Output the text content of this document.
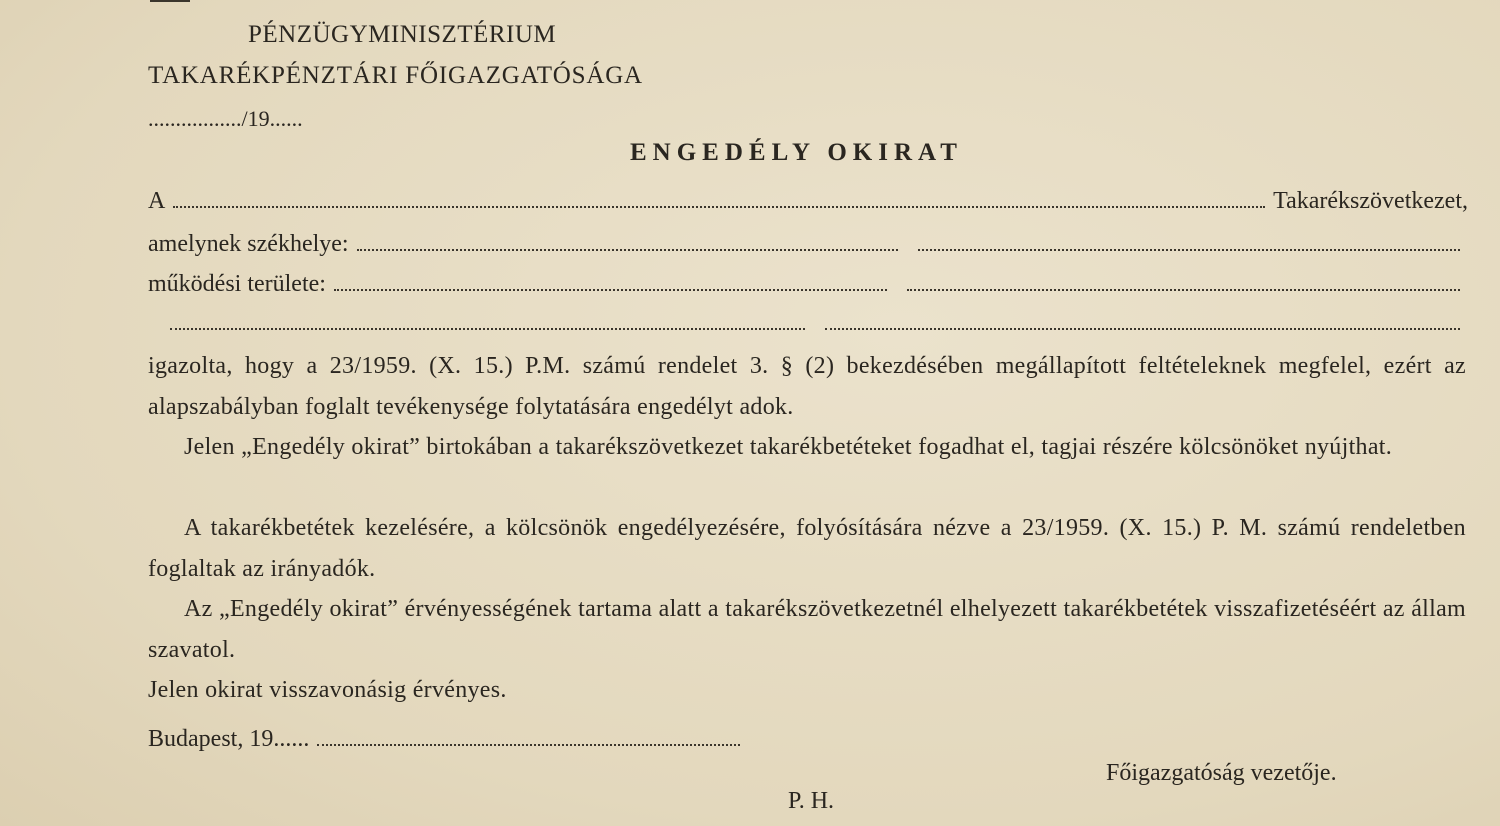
PÉNZÜGYMINISZTÉRIUM
TAKARÉKPÉNZTÁRI FŐIGAZGATÓSÁGA
................./19......
ENGEDÉLY OKIRAT
A	Takarékszövetkezet,
amelynek székhelye:
működési területe:
igazolta, hogy a 23/1959. (X. 15.) P.M. számú rendelet 3. § (2) bekezdésében megállapított feltételeknek megfelel, ezért az alapszabályban foglalt tevékenysége folytatására engedélyt adok.
Jelen „Engedély okirat” birtokában a takarékszövetkezet takarékbetéteket fogadhat el, tagjai részére kölcsönöket nyújthat.
A takarékbetétek kezelésére, a kölcsönök engedélyezésére, folyósítására nézve a 23/1959. (X. 15.) P. M. számú rendeletben foglaltak az irányadók.
Az „Engedély okirat” érvényességének tartama alatt a takarékszövetkezetnél elhelyezett takarékbetétek visszafizetéséért az állam szavatol.
Jelen okirat visszavonásig érvényes.
Budapest, 19......
Főigazgatóság vezetője.
P. H.
